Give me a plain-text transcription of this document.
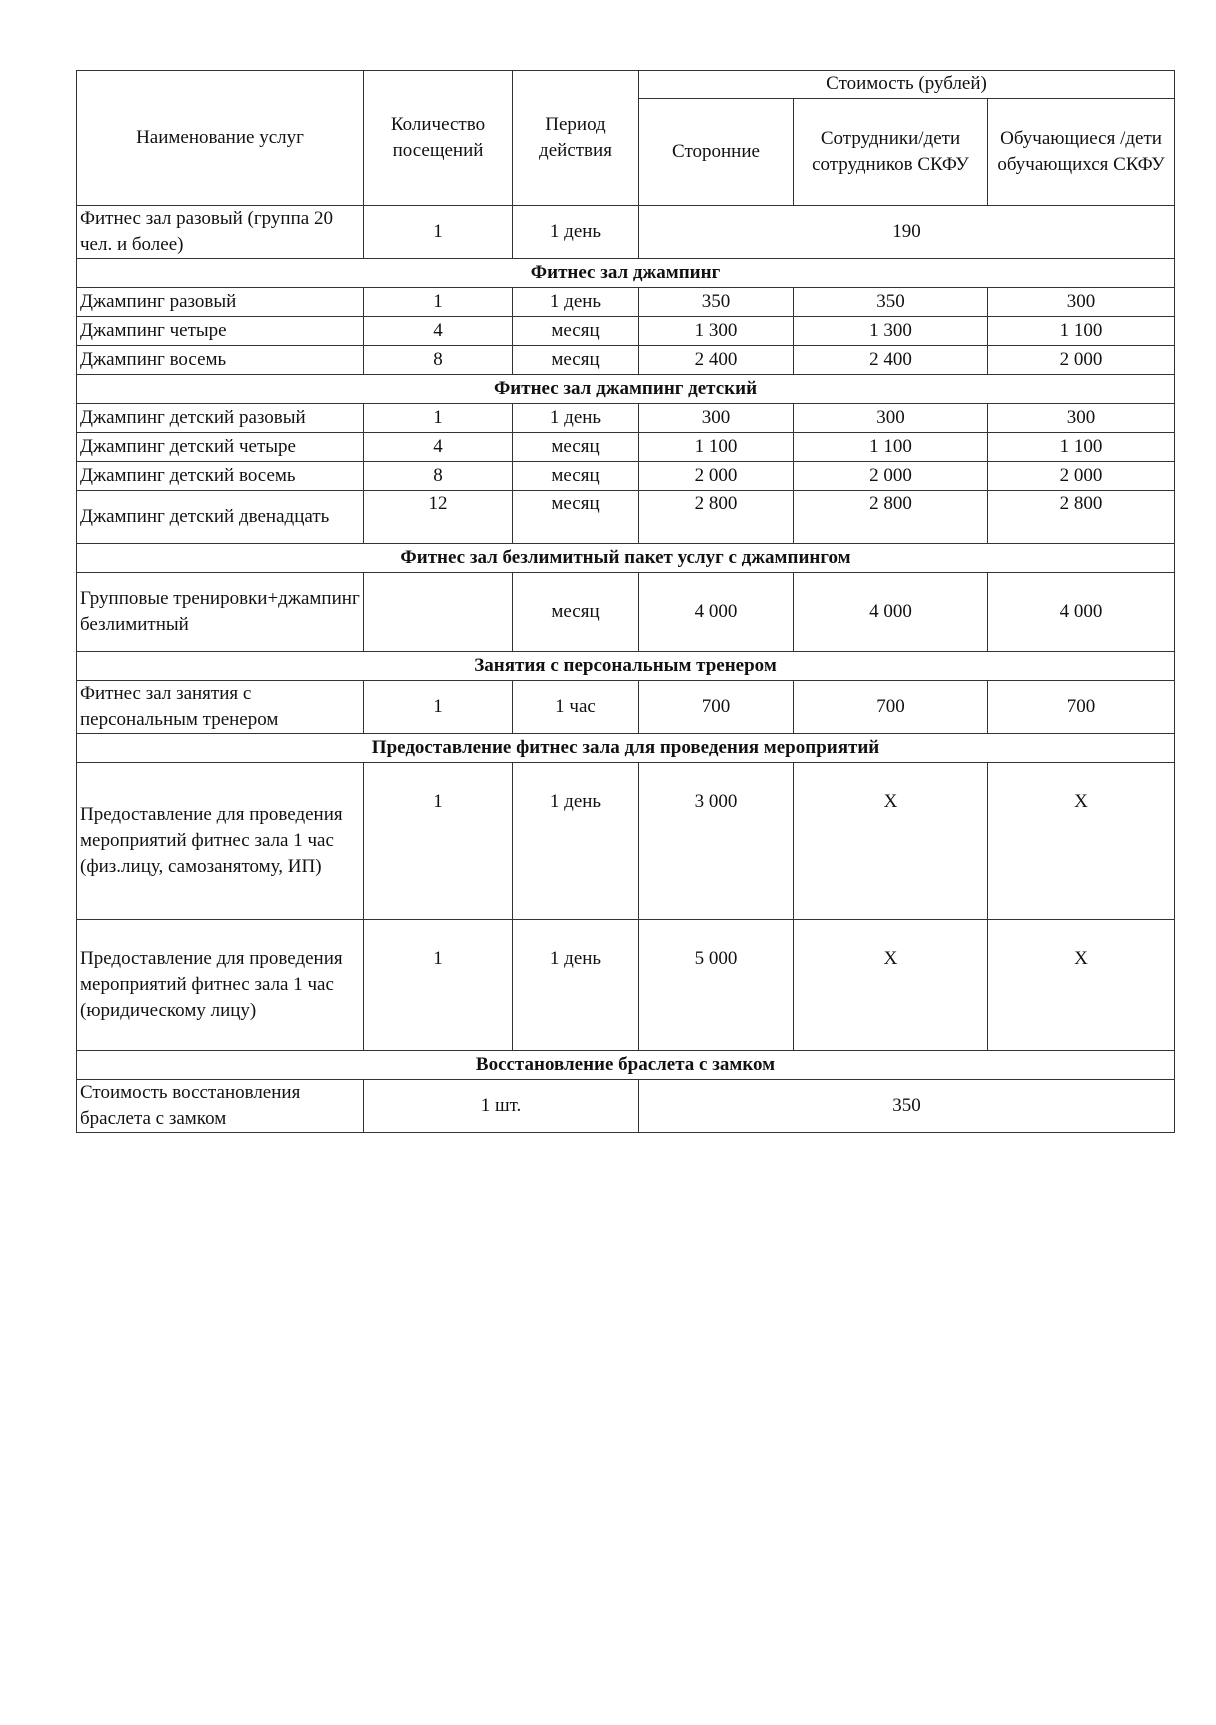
Наименование услуг	Количество посещений	Период действия	Стоимость (рублей)		
			Сторонние	Сотрудники/дети сотрудников СКФУ	Обучающиеся /дети обучающихся СКФУ
Фитнес зал разовый (группа 20 чел. и более)	1	1 день	190		
Фитнес зал джампинг					
Джампинг разовый	1	1 день	350	350	300
Джампинг четыре	4	месяц	1 300	1 300	1 100
Джампинг восемь	8	месяц	2 400	2 400	2 000
Фитнес зал джампинг детский					
Джампинг детский разовый	1	1 день	300	300	300
Джампинг детский четыре	4	месяц	1 100	1 100	1 100
Джампинг детский восемь	8	месяц	2 000	2 000	2 000
Джампинг детский двенадцать	12	месяц	2 800	2 800	2 800
Фитнес зал безлимитный пакет услуг с джампингом					
Групповые тренировки+джампинг безлимитный		месяц	4 000	4 000	4 000
Занятия с персональным тренером					
Фитнес зал занятия с персональным тренером	1	1 час	700	700	700
Предоставление фитнес зала для проведения мероприятий					
Предоставление для проведения мероприятий фитнес зала 1 час (физ.лицу, самозанятому, ИП)	1	1 день	3 000	Х	Х
Предоставление для проведения мероприятий фитнес зала 1 час (юридическому лицу)	1	1 день	5 000	Х	Х
Восстановление браслета с замком					
Стоимость восстановления браслета с замком	1 шт.		350		
